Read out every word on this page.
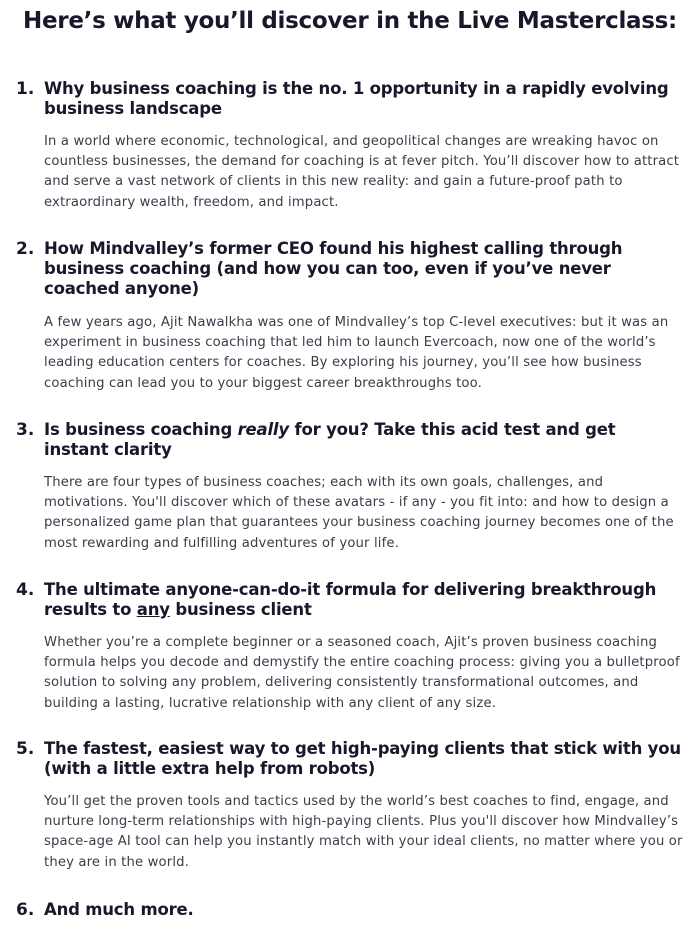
Here’s what you’ll discover in the Live Masterclass:
1. Why business coaching is the no. 1 opportunity in a rapidly evolving business landscape

In a world where economic, technological, and geopolitical changes are wreaking havoc on countless businesses, the demand for coaching is at fever pitch. You’ll discover how to attract and serve a vast network of clients in this new reality: and gain a future-proof path to extraordinary wealth, freedom, and impact.

2. How Mindvalley’s former CEO found his highest calling through business coaching (and how you can too, even if you’ve never coached anyone)

A few years ago, Ajit Nawalkha was one of Mindvalley’s top C-level executives: but it was an experiment in business coaching that led him to launch Evercoach, now one of the world’s leading education centers for coaches. By exploring his journey, you’ll see how business coaching can lead you to your biggest career breakthroughs too.

3. Is business coaching really for you? Take this acid test and get instant clarity

There are four types of business coaches; each with its own goals, challenges, and motivations. You'll discover which of these avatars - if any - you fit into: and how to design a personalized game plan that guarantees your business coaching journey becomes one of the most rewarding and fulfilling adventures of your life.

4. The ultimate anyone-can-do-it formula for delivering breakthrough results to any business client

Whether you’re a complete beginner or a seasoned coach, Ajit’s proven business coaching formula helps you decode and demystify the entire coaching process: giving you a bulletproof solution to solving any problem, delivering consistently transformational outcomes, and building a lasting, lucrative relationship with any client of any size.

5. The fastest, easiest way to get high-paying clients that stick with you (with a little extra help from robots)

You’ll get the proven tools and tactics used by the world’s best coaches to find, engage, and nurture long-term relationships with high-paying clients. Plus you'll discover how Mindvalley’s space-age AI tool can help you instantly match with your ideal clients, no matter where you or they are in the world.

6. And much more.
